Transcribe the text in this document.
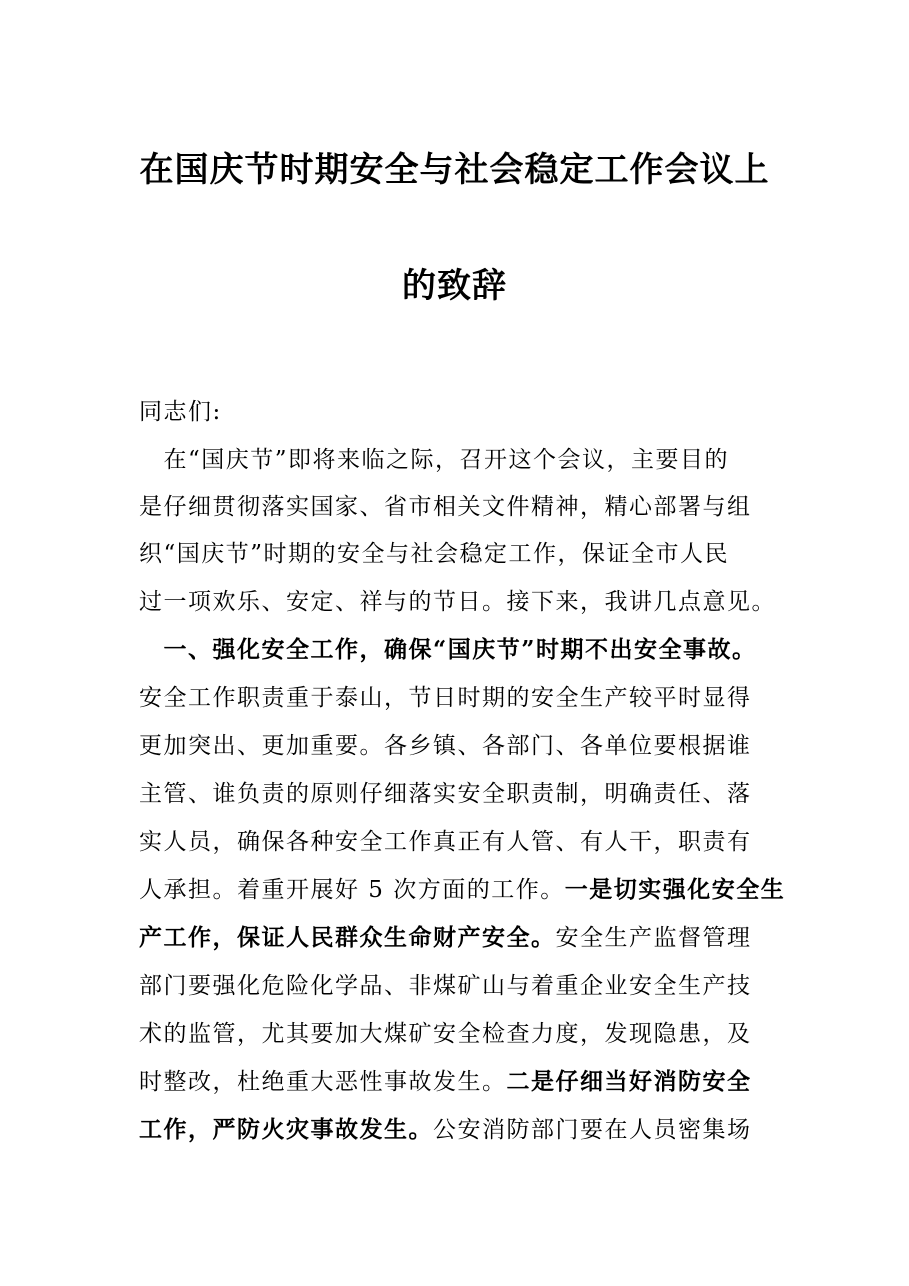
在国庆节时期安全与社会稳定工作会议上
的致辞
同志们:
　在“国庆节”即将来临之际，召开这个会议，主要目的
是仔细贯彻落实国家、省市相关文件精神，精心部署与组
织“国庆节”时期的安全与社会稳定工作，保证全市人民
过一项欢乐、安定、祥与的节日。接下来，我讲几点意见。
　一、强化安全工作，确保“国庆节”时期不出安全事故。
安全工作职责重于泰山，节日时期的安全生产较平时显得
更加突出、更加重要。各乡镇、各部门、各单位要根据谁
主管、谁负责的原则仔细落实安全职责制，明确责任、落
实人员，确保各种安全工作真正有人管、有人干，职责有
人承担。着重开展好 5 次方面的工作。一是切实强化安全生
产工作，保证人民群众生命财产安全。安全生产监督管理
部门要强化危险化学品、非煤矿山与着重企业安全生产技
术的监管，尤其要加大煤矿安全检查力度，发现隐患，及
时整改，杜绝重大恶性事故发生。二是仔细当好消防安全
工作，严防火灾事故发生。公安消防部门要在人员密集场
